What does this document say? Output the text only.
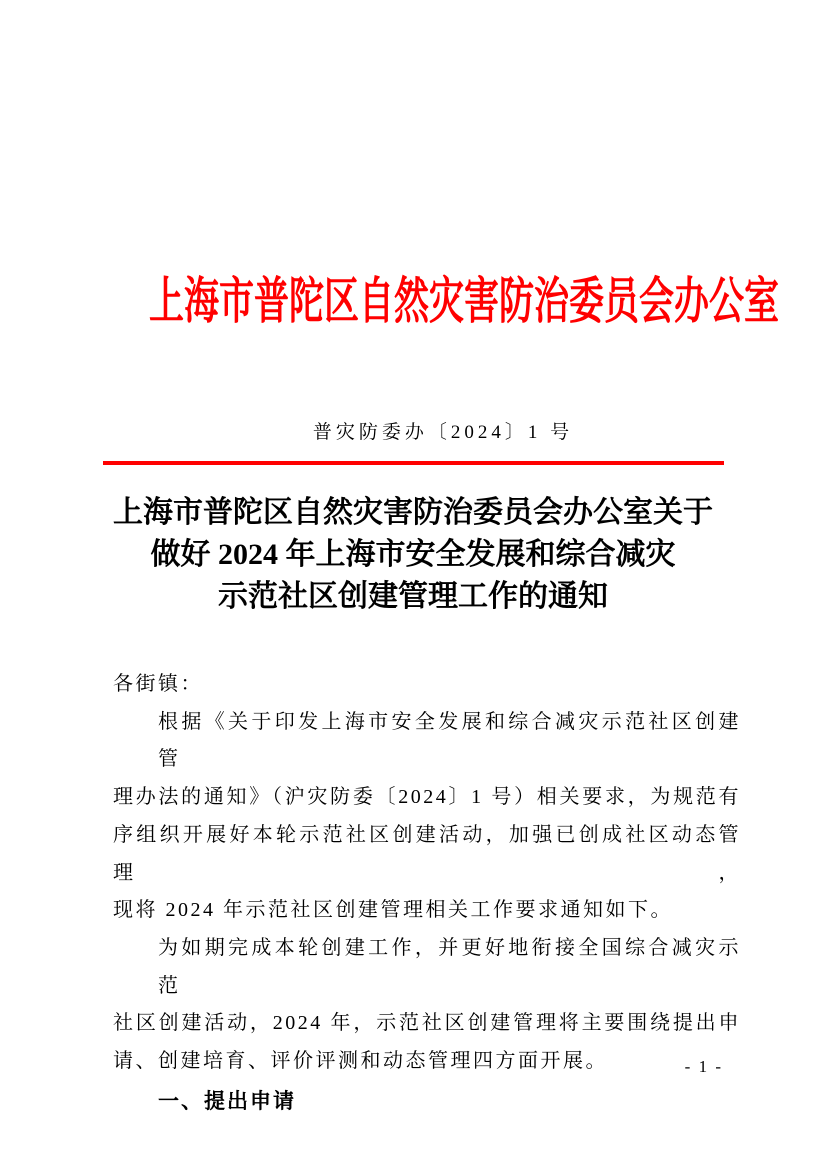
上海市普陀区自然灾害防治委员会办公室
普灾防委办〔2024〕1 号
上海市普陀区自然灾害防治委员会办公室关于
做好 2024 年上海市安全发展和综合减灾
示范社区创建管理工作的通知
各街镇：
根据《关于印发上海市安全发展和综合减灾示范社区创建管
理办法的通知》（沪灾防委〔2024〕1 号）相关要求，为规范有
序组织开展好本轮示范社区创建活动，加强已创成社区动态管理，
现将 2024 年示范社区创建管理相关工作要求通知如下。
为如期完成本轮创建工作，并更好地衔接全国综合减灾示范
社区创建活动，2024 年，示范社区创建管理将主要围绕提出申
请、创建培育、评价评测和动态管理四方面开展。
一、提出申请
- 1 -
